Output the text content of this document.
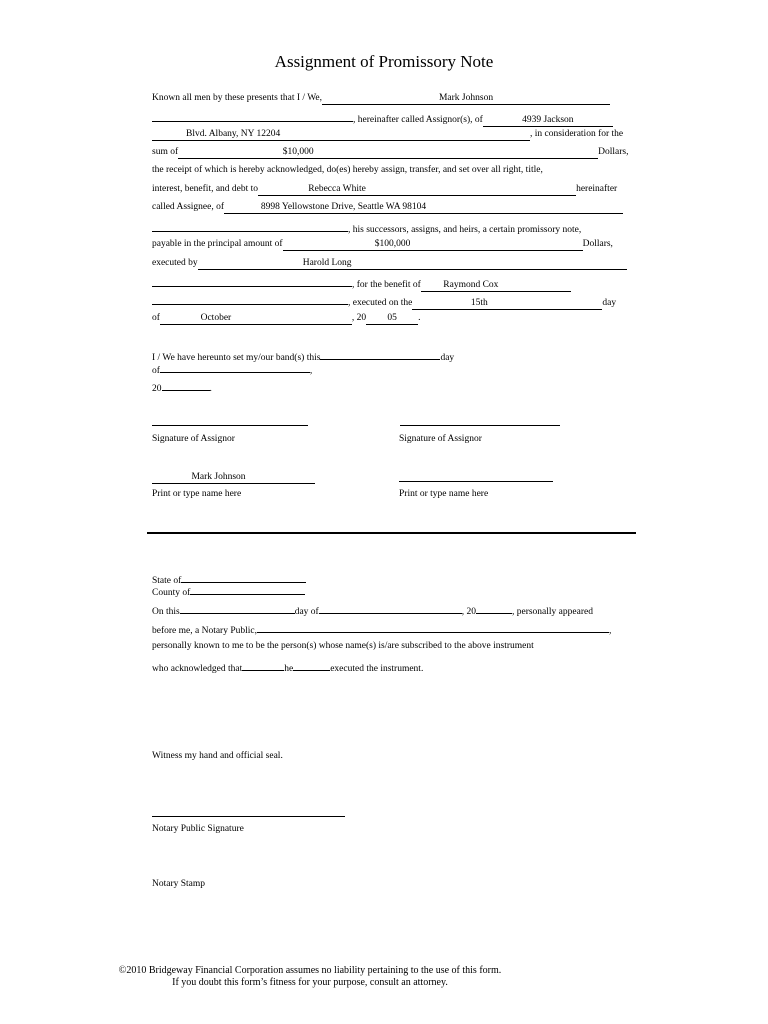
Assignment of Promissory Note
Known all men by these presents that I / We,	Mark Johnson
, hereinafter called Assignor(s), of	4939 Jackson
Blvd. Albany, NY 12204	, in consideration for the
sum of	$10,000	Dollars,
the receipt of which is hereby acknowledged, do(es) hereby assign, transfer, and set over all right, title,
interest, benefit, and debt to	Rebecca White	hereinafter
called Assignee, of	8998 Yellowstone Drive, Seattle WA 98104
, his successors, assigns, and heirs, a certain promissory note,
payable in the principal amount of	$100,000	Dollars,
executed by	Harold Long
, for the benefit of Raymond Cox
, executed on the	15th	day
of	October	, 20 05 .
I / We have hereunto set my/our band(s) this	day
of	,
20	.
Signature of Assignor	Signature of Assignor
Mark Johnson
Print or type name here	Print or type name here
State of
County of
On this	day of	, 20	, personally appeared
before me, a Notary Public,	,
personally known to me to be the person(s) whose name(s) is/are subscribed to the above instrument
who acknowledged that	he	executed the instrument.
Witness my hand and official seal.
Notary Public Signature
Notary Stamp
©2010 Bridgeway Financial Corporation assumes no liability pertaining to the use of this form.
If you doubt this form’s fitness for your purpose, consult an attorney.
